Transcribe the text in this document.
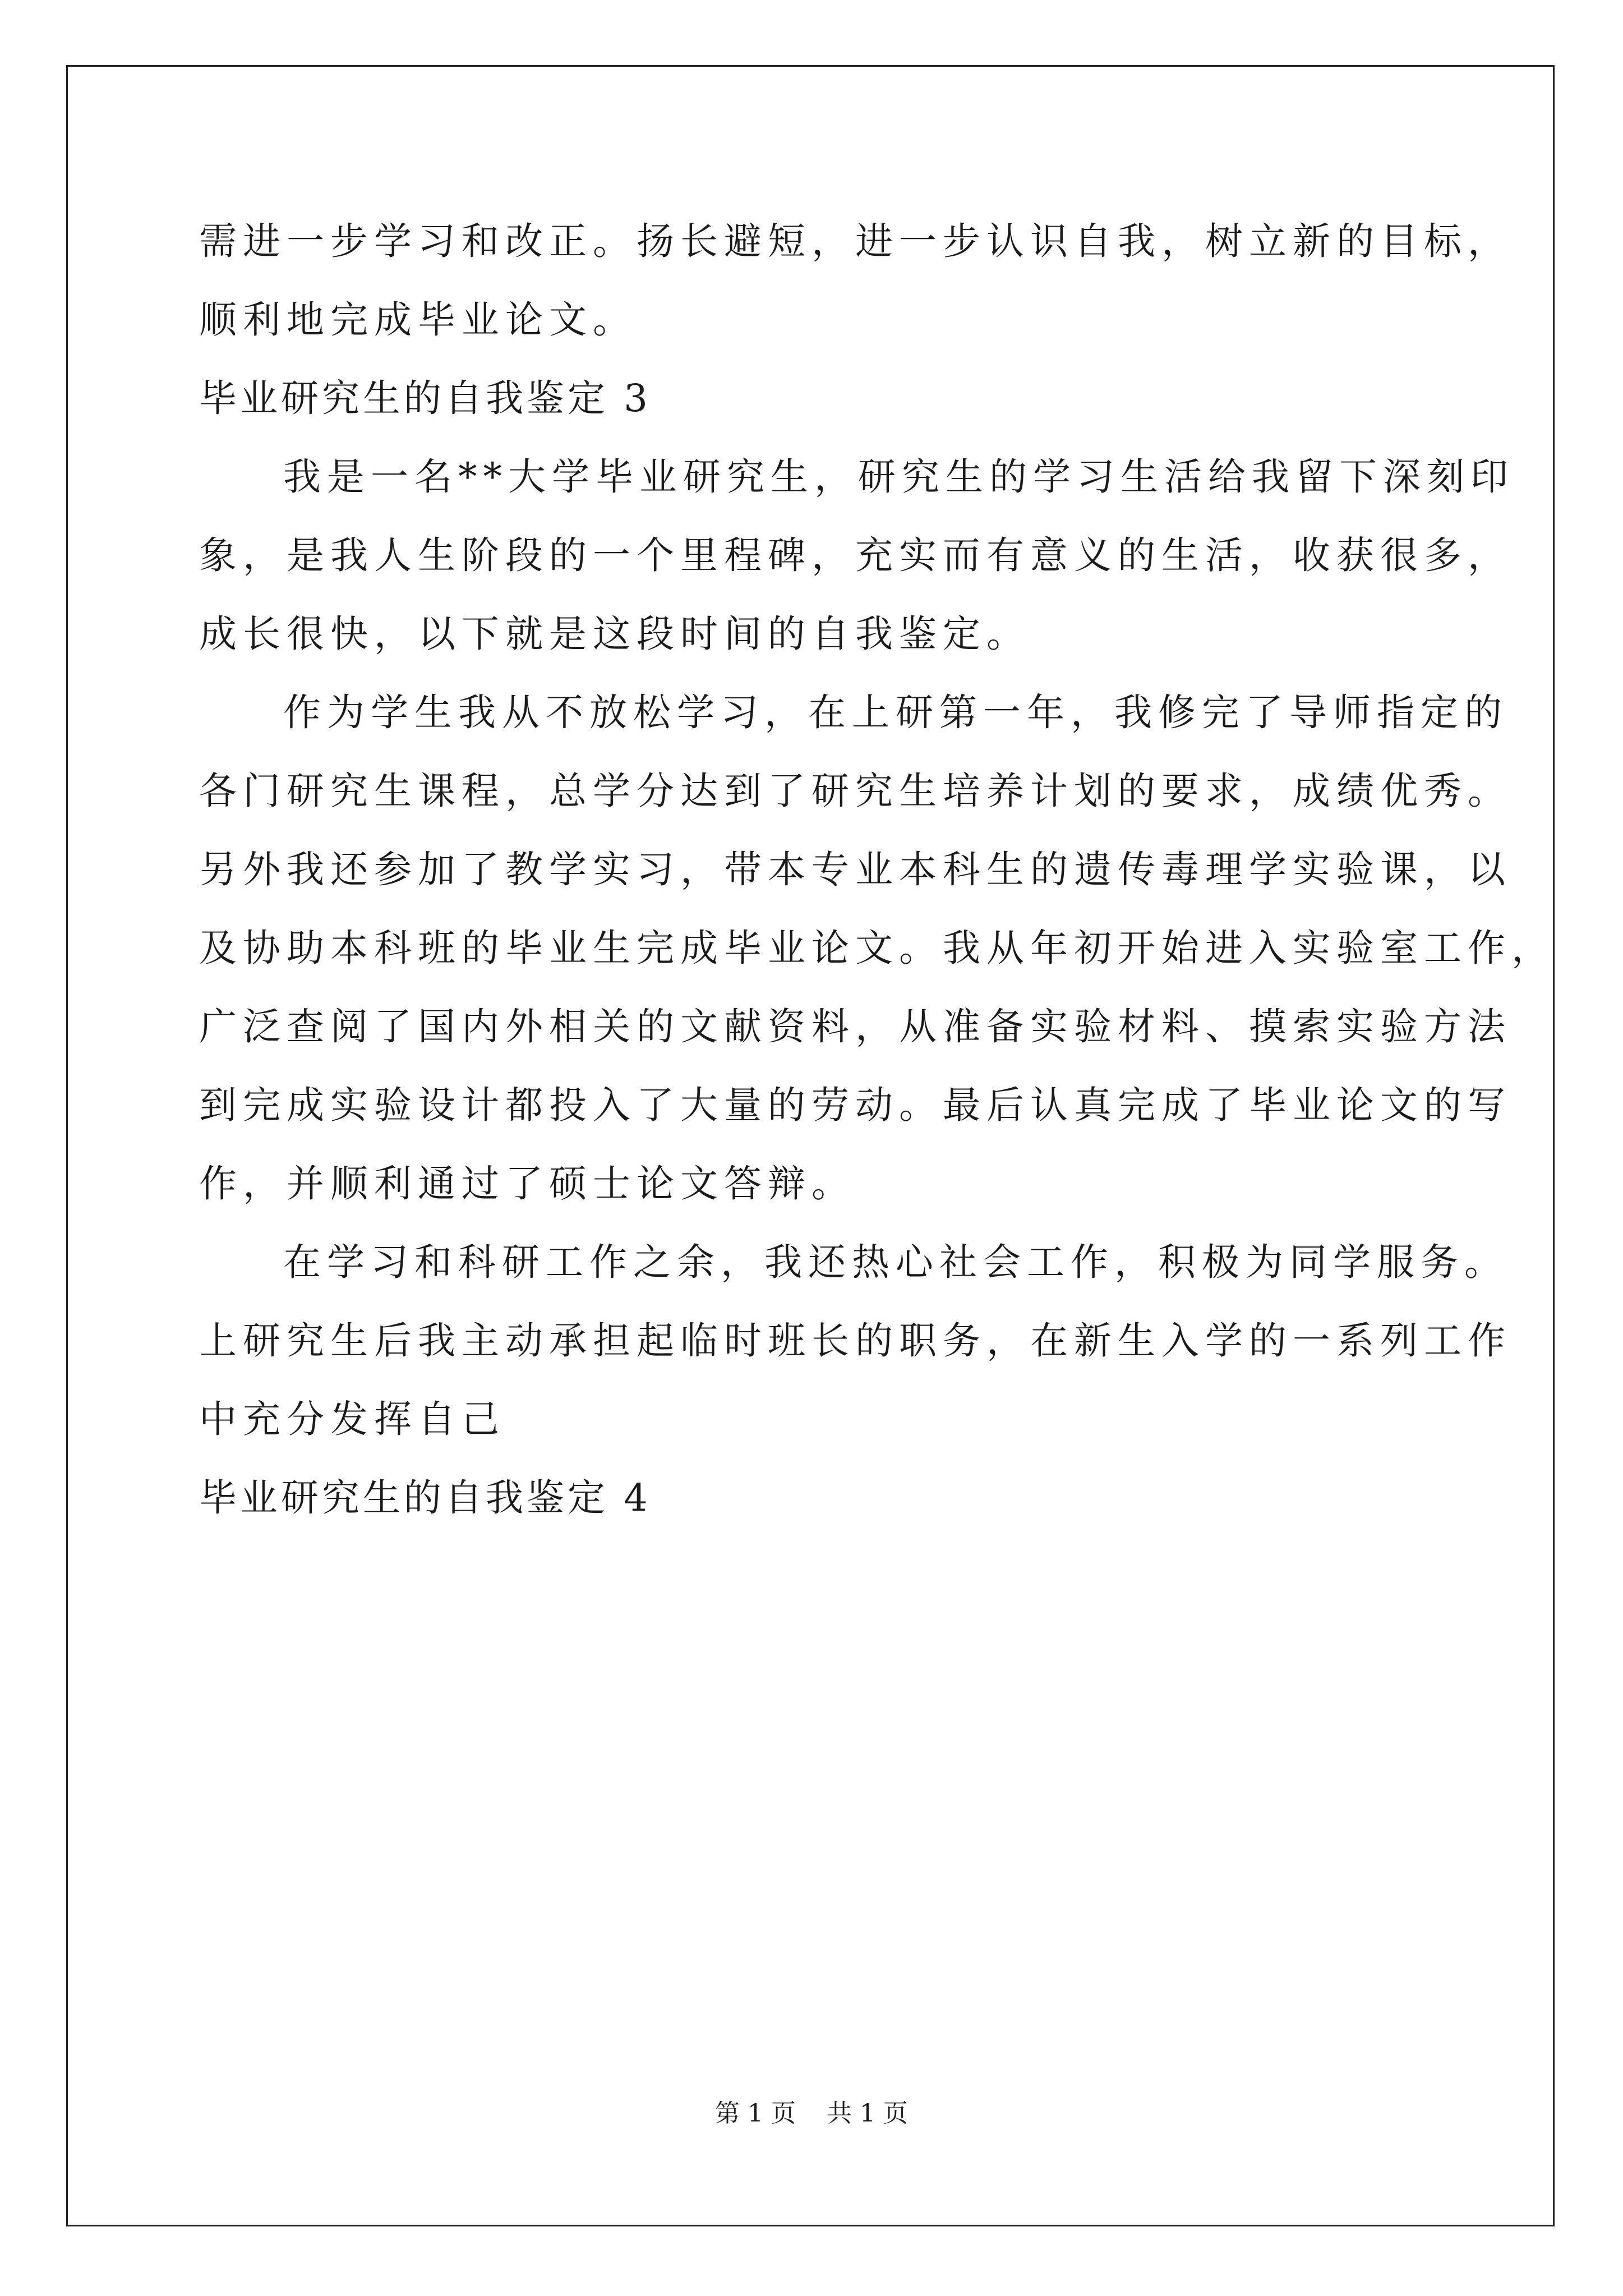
需进一步学习和改正。扬长避短，进一步认识自我，树立新的目标，

顺利地完成毕业论文。

毕业研究生的自我鉴定 3

我是一名**大学毕业研究生，研究生的学习生活给我留下深刻印

象，是我人生阶段的一个里程碑，充实而有意义的生活，收获很多，

成长很快，以下就是这段时间的自我鉴定。

作为学生我从不放松学习，在上研第一年，我修完了导师指定的

各门研究生课程，总学分达到了研究生培养计划的要求，成绩优秀。

另外我还参加了教学实习，带本专业本科生的遗传毒理学实验课，以

及协助本科班的毕业生完成毕业论文。我从年初开始进入实验室工作，

广泛查阅了国内外相关的文献资料，从准备实验材料、摸索实验方法

到完成实验设计都投入了大量的劳动。最后认真完成了毕业论文的写

作，并顺利通过了硕士论文答辩。

在学习和科研工作之余，我还热心社会工作，积极为同学服务。

上研究生后我主动承担起临时班长的职务，在新生入学的一系列工作

中充分发挥自己

毕业研究生的自我鉴定 4

第 1 页    共 1 页
